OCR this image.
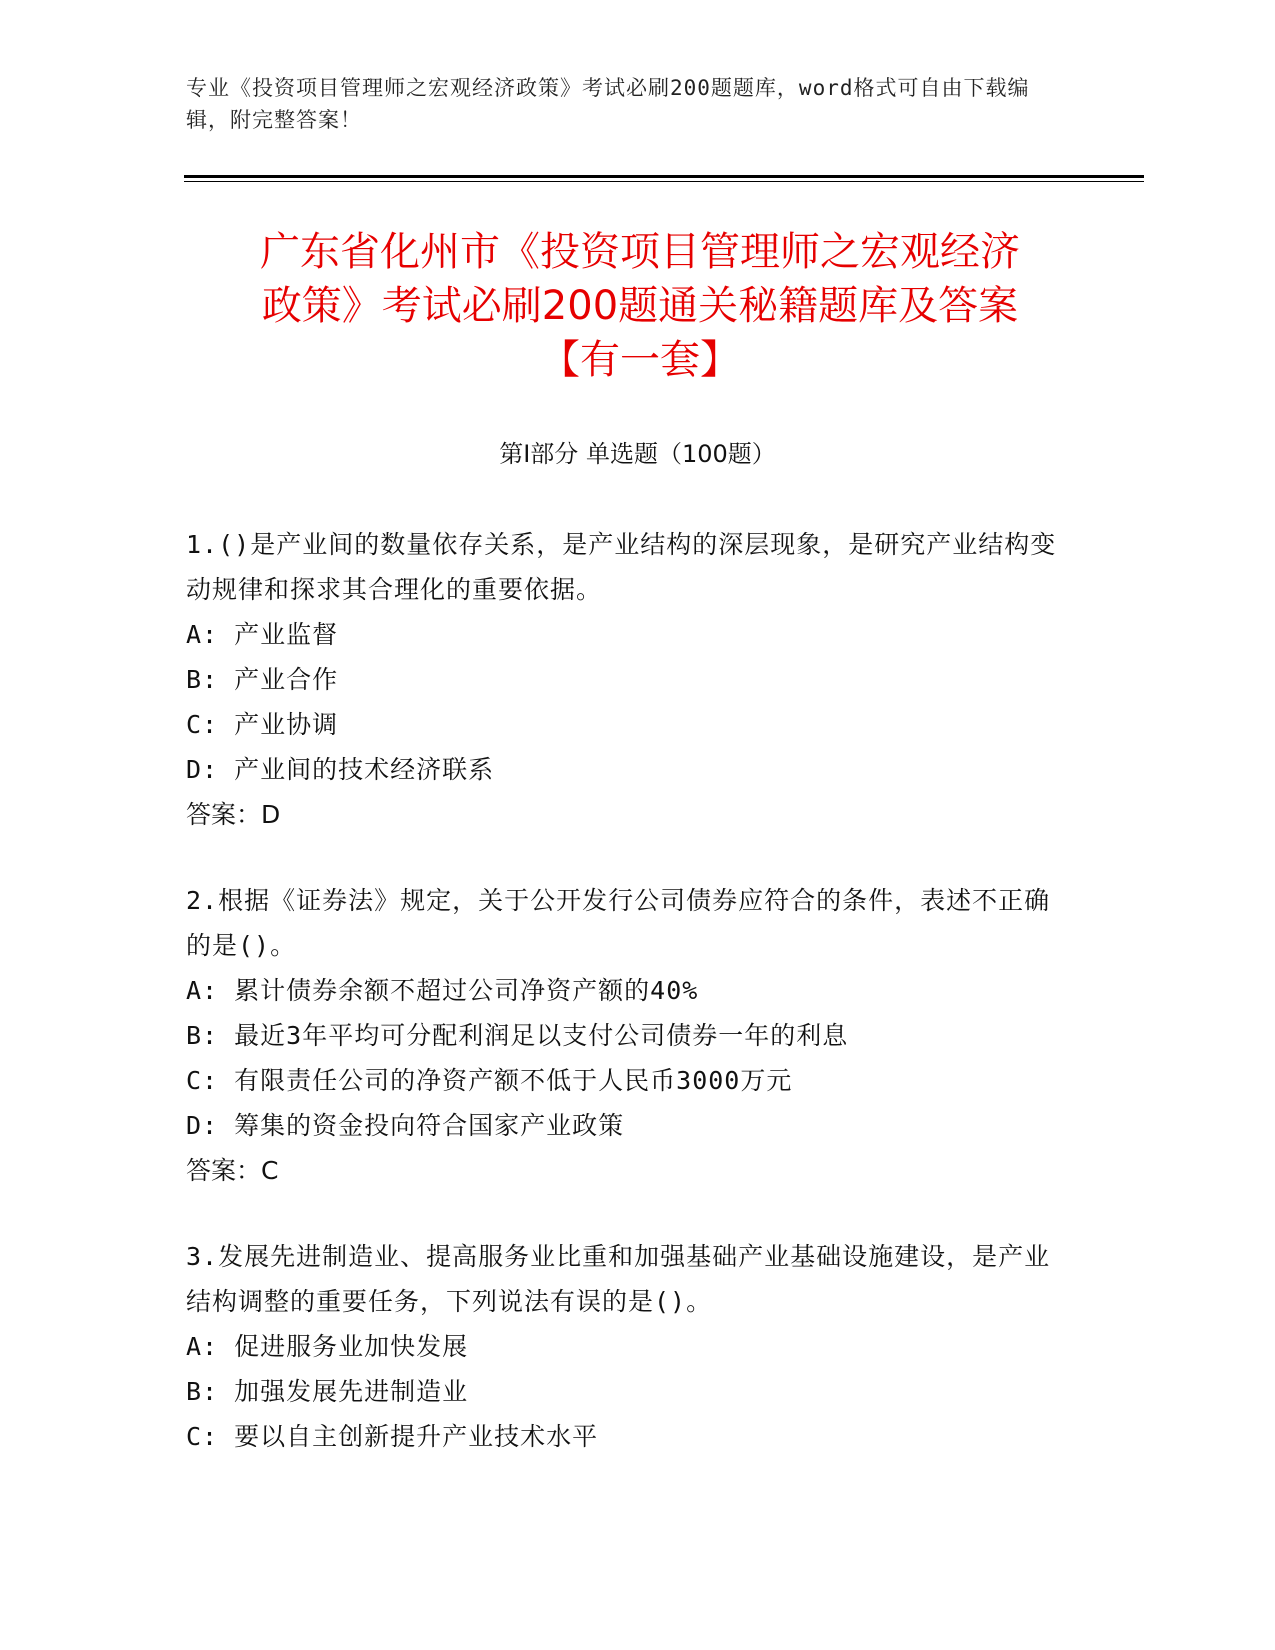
专业《投资项目管理师之宏观经济政策》考试必刷200题题库，word格式可自由下载编辑，附完整答案！
广东省化州市《投资项目管理师之宏观经济
政策》考试必刷200题通关秘籍题库及答案
【有一套】
第I部分 单选题（100题）

1.()是产业间的数量依存关系，是产业结构的深层现象，是研究产业结构变动规律和探求其合理化的重要依据。

A: 产业监督

B: 产业合作

C: 产业协调

D: 产业间的技术经济联系

答案：D

2.根据《证券法》规定，关于公开发行公司债券应符合的条件，表述不正确的是()。

A: 累计债券余额不超过公司净资产额的40%

B: 最近3年平均可分配利润足以支付公司债券一年的利息

C: 有限责任公司的净资产额不低于人民币3000万元

D: 筹集的资金投向符合国家产业政策

答案：C

3.发展先进制造业、提高服务业比重和加强基础产业基础设施建设，是产业结构调整的重要任务，下列说法有误的是()。

A: 促进服务业加快发展

B: 加强发展先进制造业

C: 要以自主创新提升产业技术水平
